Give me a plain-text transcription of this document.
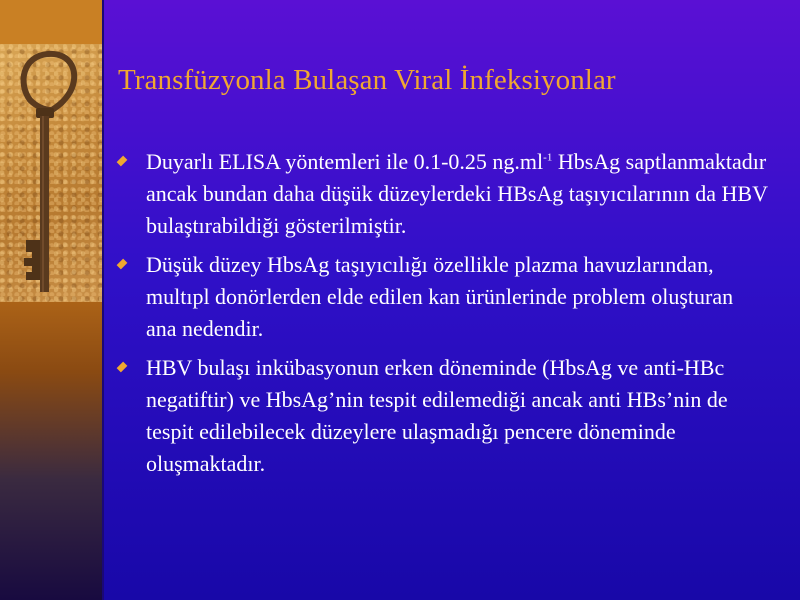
Transfüzyonla Bulaşan Viral İnfeksiyonlar
Duyarlı ELISA yöntemleri ile 0.1-0.25 $ng.ml^{-1}$ HbsAg saptlanmaktadır ancak bundan daha düşük düzeylerdeki HBsAg taşıyıcılarının da HBV bulaştırabildiği gösterilmiştir.
Düşük düzey HbsAg taşıyıcılığı özellikle plazma havuzlarından, multıpl donörlerden elde edilen kan ürünlerinde problem oluşturan ana nedendir.
HBV bulaşı inkübasyonun erken döneminde (HbsAg ve anti-HBc negatiftir) ve HbsAg’nin tespit edilemediği ancak anti HBs’nin de tespit edilebilecek düzeylere ulaşmadığı pencere döneminde oluşmaktadır.
